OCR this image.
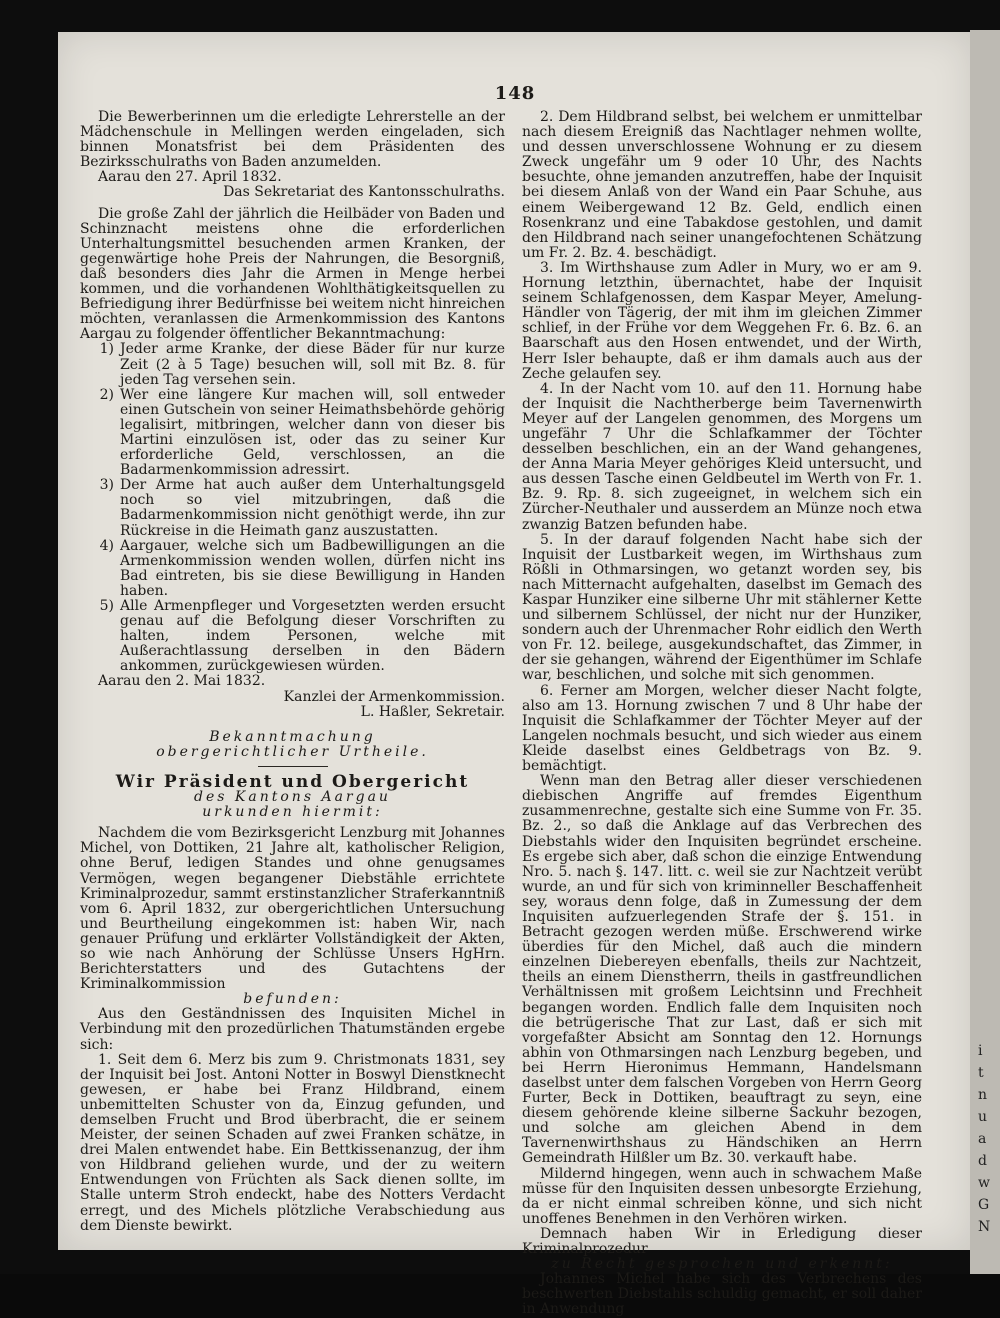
i
t
n
u
a
d
w
G
N
148

Die Bewerberinnen um die erledigte Lehrerstelle an der Mädchenschule in Mellingen werden eingeladen, sich binnen Monatsfrist bei dem Präsidenten des Bezirksschulraths von Baden anzumelden.

Aarau den 27. April 1832.

Das Sekretariat des Kantonsschulraths.

Die große Zahl der jährlich die Heilbäder von Baden und Schinznacht meistens ohne die erforderlichen Unterhaltungsmittel besuchenden armen Kranken, der gegenwärtige hohe Preis der Nahrungen, die Besorgniß, daß besonders dies Jahr die Armen in Menge herbei kommen, und die vorhandenen Wohlthätigkeitsquellen zu Befriedigung ihrer Bedürfnisse bei weitem nicht hinreichen möchten, veranlassen die Armenkommission des Kantons Aargau zu folgender öffentlicher Bekanntmachung:

1) Jeder arme Kranke, der diese Bäder für nur kurze Zeit (2 à 5 Tage) besuchen will, soll mit Bz. 8. für jeden Tag versehen sein.
2) Wer eine längere Kur machen will, soll entweder einen Gutschein von seiner Heimathsbehörde gehörig legalisirt, mitbringen, welcher dann von dieser bis Martini einzulösen ist, oder das zu seiner Kur erforderliche Geld, verschlossen, an die Badarmenkommission adressirt.
3) Der Arme hat auch außer dem Unterhaltungsgeld noch so viel mitzubringen, daß die Badarmenkommission nicht genöthigt werde, ihn zur Rückreise in die Heimath ganz auszustatten.
4) Aargauer, welche sich um Badbewilligungen an die Armenkommission wenden wollen, dürfen nicht ins Bad eintreten, bis sie diese Bewilligung in Handen haben.
5) Alle Armenpfleger und Vorgesetzten werden ersucht genau auf die Befolgung dieser Vorschriften zu halten, indem Personen, welche mit Außerachtlassung derselben in den Bädern ankommen, zurückgewiesen würden.

Aarau den 2. Mai 1832.

Kanzlei der Armenkommission.

L. Haßler, Sekretair.

Bekanntmachung
obergerichtlicher Urtheile.
Wir Präsident und Obergericht
des Kantons Aargau
urkunden hiermit:

Nachdem die vom Bezirksgericht Lenzburg mit Johannes Michel, von Dottiken, 21 Jahre alt, katholischer Religion, ohne Beruf, ledigen Standes und ohne genugsames Vermögen, wegen begangener Diebstähle errichtete Kriminalprozedur, sammt erstinstanzlicher Straferkanntniß vom 6. April 1832, zur obergerichtlichen Untersuchung und Beurtheilung eingekommen ist: haben Wir, nach genauer Prüfung und erklärter Vollständigkeit der Akten, so wie nach Anhörung der Schlüsse Unsers HgHrn. Berichterstatters und des Gutachtens der Kriminalkommission

befunden:

Aus den Geständnissen des Inquisiten Michel in Verbindung mit den prozedürlichen Thatumständen ergebe sich:

1. Seit dem 6. Merz bis zum 9. Christmonats 1831, sey der Inquisit bei Jost. Antoni Notter in Boswyl Dienstknecht gewesen, er habe bei Franz Hildbrand, einem unbemittelten Schuster von da, Einzug gefunden, und demselben Frucht und Brod überbracht, die er seinem Meister, der seinen Schaden auf zwei Franken schätze, in drei Malen entwendet habe. Ein Bettkissenanzug, der ihm von Hildbrand geliehen wurde, und der zu weitern Entwendungen von Früchten als Sack dienen sollte, im Stalle unterm Stroh endeckt, habe des Notters Verdacht erregt, und des Michels plötzliche Verabschiedung aus dem Dienste bewirkt.

2. Dem Hildbrand selbst, bei welchem er unmittelbar nach diesem Ereigniß das Nachtlager nehmen wollte, und dessen unverschlossene Wohnung er zu diesem Zweck ungefähr um 9 oder 10 Uhr, des Nachts besuchte, ohne jemanden anzutreffen, habe der Inquisit bei diesem Anlaß von der Wand ein Paar Schuhe, aus einem Weibergewand 12 Bz. Geld, endlich einen Rosenkranz und eine Tabakdose gestohlen, und damit den Hildbrand nach seiner unangefochtenen Schätzung um Fr. 2. Bz. 4. beschädigt.

3. Im Wirthshause zum Adler in Mury, wo er am 9. Hornung letzthin, übernachtet, habe der Inquisit seinem Schlafgenossen, dem Kaspar Meyer, Amelung-Händler von Tägerig, der mit ihm im gleichen Zimmer schlief, in der Frühe vor dem Weggehen Fr. 6. Bz. 6. an Baarschaft aus den Hosen entwendet, und der Wirth, Herr Isler behaupte, daß er ihm damals auch aus der Zeche gelaufen sey.

4. In der Nacht vom 10. auf den 11. Hornung habe der Inquisit die Nachtherberge beim Tavernenwirth Meyer auf der Langelen genommen, des Morgens um ungefähr 7 Uhr die Schlafkammer der Töchter desselben beschlichen, ein an der Wand gehangenes, der Anna Maria Meyer gehöriges Kleid untersucht, und aus dessen Tasche einen Geldbeutel im Werth von Fr. 1. Bz. 9. Rp. 8. sich zugeeignet, in welchem sich ein Zürcher-Neuthaler und ausserdem an Münze noch etwa zwanzig Batzen befunden habe.

5. In der darauf folgenden Nacht habe sich der Inquisit der Lustbarkeit wegen, im Wirthshaus zum Rößli in Othmarsingen, wo getanzt worden sey, bis nach Mitternacht aufgehalten, daselbst im Gemach des Kaspar Hunziker eine silberne Uhr mit stählerner Kette und silbernem Schlüssel, der nicht nur der Hunziker, sondern auch der Uhrenmacher Rohr eidlich den Werth von Fr. 12. beilege, ausgekundschaftet, das Zimmer, in der sie gehangen, während der Eigenthümer im Schlafe war, beschlichen, und solche mit sich genommen.

6. Ferner am Morgen, welcher dieser Nacht folgte, also am 13. Hornung zwischen 7 und 8 Uhr habe der Inquisit die Schlafkammer der Töchter Meyer auf der Langelen nochmals besucht, und sich wieder aus einem Kleide daselbst eines Geldbetrags von Bz. 9. bemächtigt.

Wenn man den Betrag aller dieser verschiedenen diebischen Angriffe auf fremdes Eigenthum zusammenrechne, gestalte sich eine Summe von Fr. 35. Bz. 2., so daß die Anklage auf das Verbrechen des Diebstahls wider den Inquisiten begründet erscheine. Es ergebe sich aber, daß schon die einzige Entwendung Nro. 5. nach §. 147. litt. c. weil sie zur Nachtzeit verübt wurde, an und für sich von kriminneller Beschaffenheit sey, woraus denn folge, daß in Zumessung der dem Inquisiten aufzuerlegenden Strafe der §. 151. in Betracht gezogen werden müße. Erschwerend wirke überdies für den Michel, daß auch die mindern einzelnen Diebereyen ebenfalls, theils zur Nachtzeit, theils an einem Dienstherrn, theils in gastfreundlichen Verhältnissen mit großem Leichtsinn und Frechheit begangen worden. Endlich falle dem Inquisiten noch die betrügerische That zur Last, daß er sich mit vorgefaßter Absicht am Sonntag den 12. Hornungs abhin von Othmarsingen nach Lenzburg begeben, und bei Herrn Hieronimus Hemmann, Handelsmann daselbst unter dem falschen Vorgeben von Herrn Georg Furter, Beck in Dottiken, beauftragt zu seyn, eine diesem gehörende kleine silberne Sackuhr bezogen, und solche am gleichen Abend in dem Tavernenwirthshaus zu Händschiken an Herrn Gemeindrath Hilßler um Bz. 30. verkauft habe.

Mildernd hingegen, wenn auch in schwachem Maße müsse für den Inquisiten dessen unbesorgte Erziehung, da er nicht einmal schreiben könne, und sich nicht unoffenes Benehmen in den Verhören wirken.

Demnach haben Wir in Erledigung dieser Kriminalprozedur

zu Recht gesprochen und erkennt:

Johannes Michel habe sich des Verbrechens des beschwerten Diebstahls schuldig gemacht, er soll daher in Anwendung
